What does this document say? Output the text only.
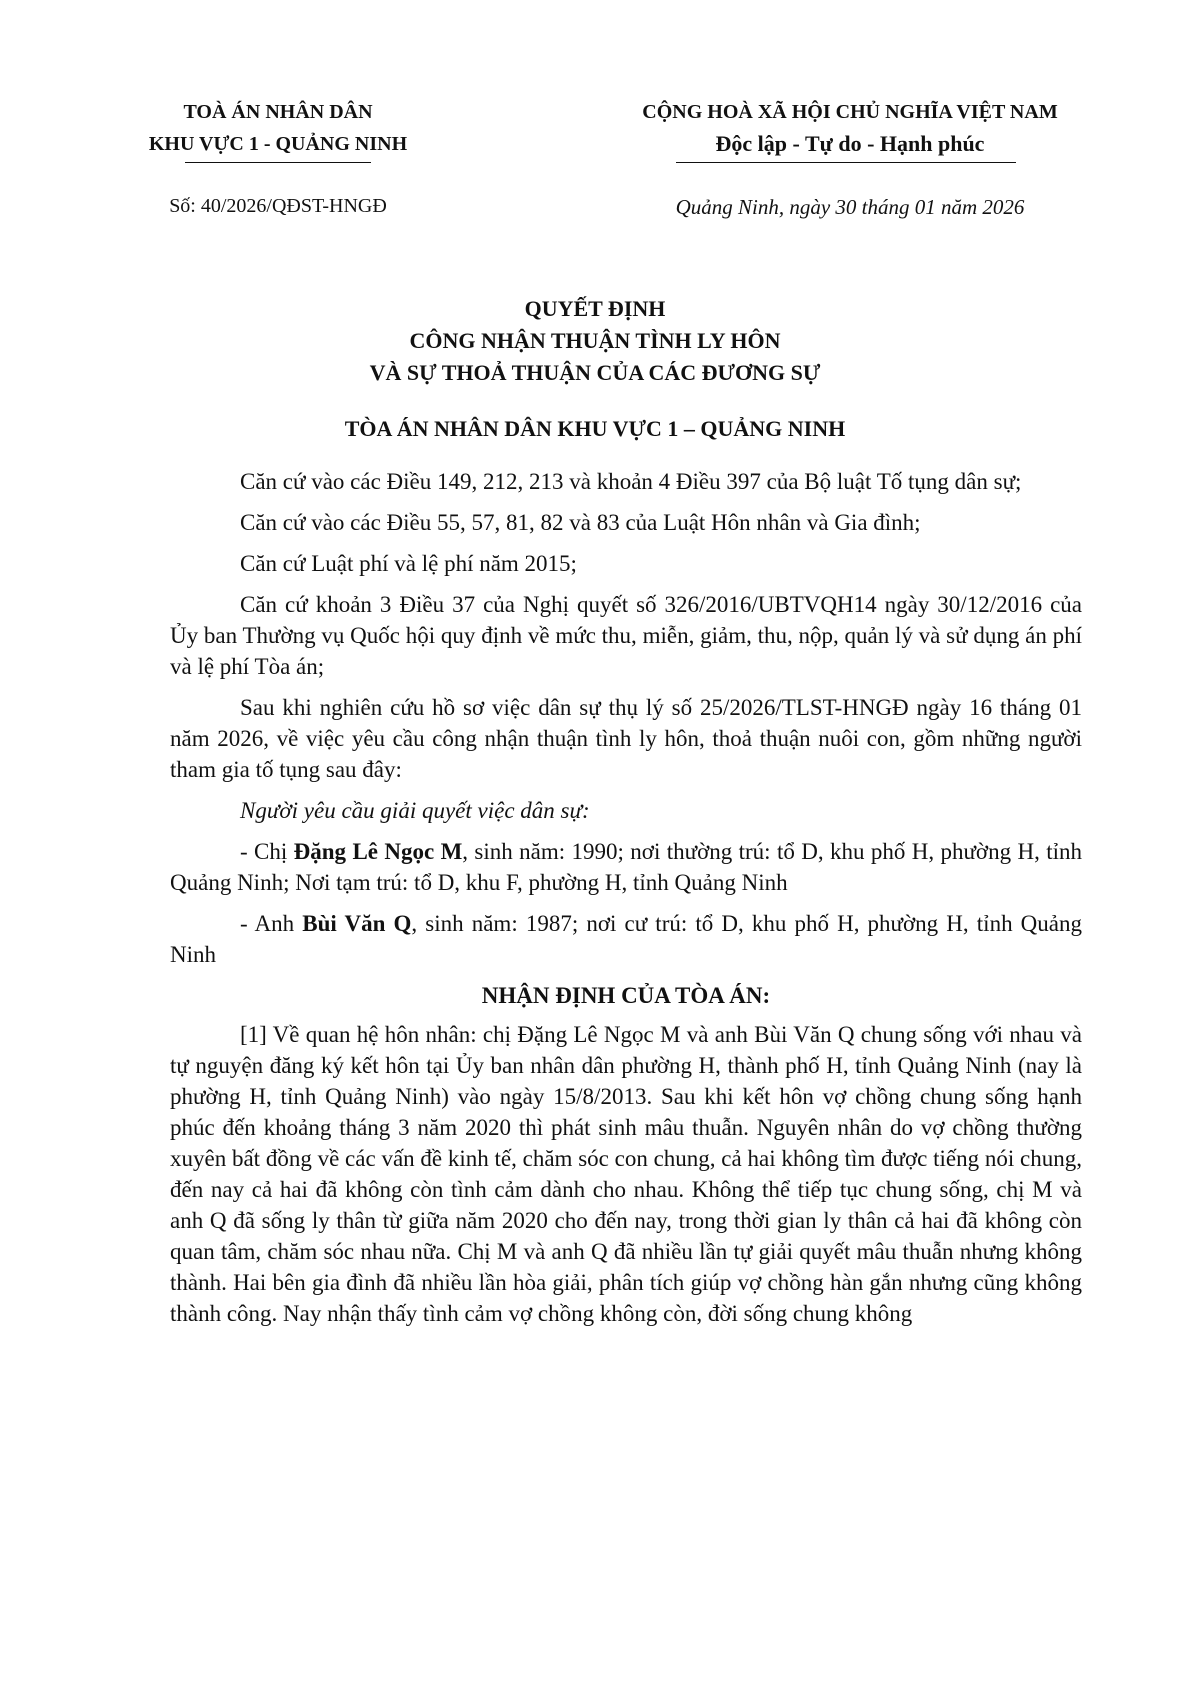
TOÀ ÁN NHÂN DÂN
KHU VỰC 1 - QUẢNG NINH
CỘNG HOÀ XÃ HỘI CHỦ NGHĨA VIỆT NAM
Độc lập - Tự do - Hạnh phúc
Số: 40/2026/QĐST-HNGĐ	Quảng Ninh, ngày 30 tháng 01 năm 2026
QUYẾT ĐỊNH
CÔNG NHẬN THUẬN TÌNH LY HÔN
VÀ SỰ THOẢ THUẬN CỦA CÁC ĐƯƠNG SỰ
TÒA ÁN NHÂN DÂN KHU VỰC 1 – QUẢNG NINH

Căn cứ vào các Điều 149, 212, 213 và khoản 4 Điều 397 của Bộ luật Tố tụng dân sự;

Căn cứ vào các Điều 55, 57, 81, 82 và 83 của Luật Hôn nhân và Gia đình;

Căn cứ Luật phí và lệ phí năm 2015;

Căn cứ khoản 3 Điều 37 của Nghị quyết số 326/2016/UBTVQH14 ngày 30/12/2016 của Ủy ban Thường vụ Quốc hội quy định về mức thu, miễn, giảm, thu, nộp, quản lý và sử dụng án phí và lệ phí Tòa án;

Sau khi nghiên cứu hồ sơ việc dân sự thụ lý số 25/2026/TLST-HNGĐ ngày 16 tháng 01 năm 2026, về việc yêu cầu công nhận thuận tình ly hôn, thoả thuận nuôi con, gồm những người tham gia tố tụng sau đây:

Người yêu cầu giải quyết việc dân sự:

- Chị Đặng Lê Ngọc M, sinh năm: 1990; nơi thường trú: tổ D, khu phố H, phường H, tỉnh Quảng Ninh; Nơi tạm trú: tổ D, khu F, phường H, tỉnh Quảng Ninh

- Anh Bùi Văn Q, sinh năm: 1987; nơi cư trú: tổ D, khu phố H, phường H, tỉnh Quảng Ninh

NHẬN ĐỊNH CỦA TÒA ÁN:

[1] Về quan hệ hôn nhân: chị Đặng Lê Ngọc M và anh Bùi Văn Q chung sống với nhau và tự nguyện đăng ký kết hôn tại Ủy ban nhân dân phường H, thành phố H, tỉnh Quảng Ninh (nay là phường H, tỉnh Quảng Ninh) vào ngày 15/8/2013. Sau khi kết hôn vợ chồng chung sống hạnh phúc đến khoảng tháng 3 năm 2020 thì phát sinh mâu thuẫn. Nguyên nhân do vợ chồng thường xuyên bất đồng về các vấn đề kinh tế, chăm sóc con chung, cả hai không tìm được tiếng nói chung, đến nay cả hai đã không còn tình cảm dành cho nhau. Không thể tiếp tục chung sống, chị M và anh Q đã sống ly thân từ giữa năm 2020 cho đến nay, trong thời gian ly thân cả hai đã không còn quan tâm, chăm sóc nhau nữa. Chị M và anh Q đã nhiều lần tự giải quyết mâu thuẫn nhưng không thành. Hai bên gia đình đã nhiều lần hòa giải, phân tích giúp vợ chồng hàn gắn nhưng cũng không thành công. Nay nhận thấy tình cảm vợ chồng không còn, đời sống chung không
